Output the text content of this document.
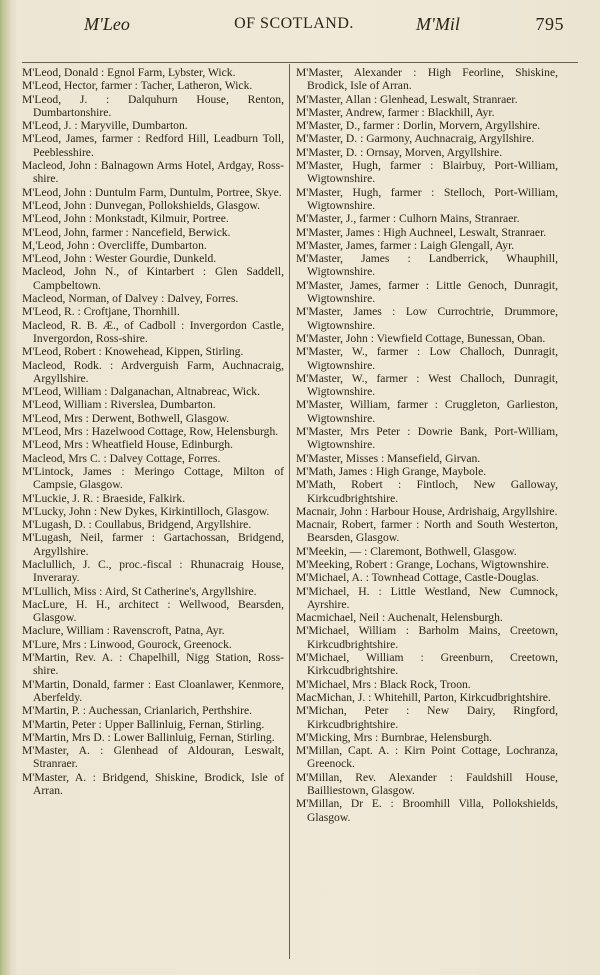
M'Leo	OF SCOTLAND.	M'Mil	795
M'Leod, Donald : Egnol Farm, Lybster, Wick.
M'Leod, Hector, farmer : Tacher, Latheron, Wick.
M'Leod, J. : Dalquhurn House, Renton, Dumbartonshire.
M'Leod, J. : Maryville, Dumbarton.
M'Leod, James, farmer : Redford Hill, Leadburn Toll, Peeblesshire.
Macleod, John : Balnagown Arms Hotel, Ardgay, Ross-shire.
M'Leod, John : Duntulm Farm, Duntulm, Portree, Skye.
M'Leod, John : Dunvegan, Pollokshields, Glasgow.
M'Leod, John : Monkstadt, Kilmuir, Portree.
M'Leod, John, farmer : Nancefield, Berwick.
M,'Leod, John : Overcliffe, Dumbarton.
M'Leod, John : Wester Gourdie, Dunkeld.
Macleod, John N., of Kintarbert : Glen Saddell, Campbeltown.
Macleod, Norman, of Dalvey : Dalvey, Forres.
M'Leod, R. : Croftjane, Thornhill.
Macleod, R. B. Æ., of Cadboll : Invergordon Castle, Invergordon, Ross-shire.
M'Leod, Robert : Knowehead, Kippen, Stirling.
Macleod, Rodk. : Ardverguish Farm, Auchnacraig, Argyllshire.
M'Leod, William : Dalganachan, Altnabreac, Wick.
M'Leod, William : Riverslea, Dumbarton.
M'Leod, Mrs : Derwent, Bothwell, Glasgow.
M'Leod, Mrs : Hazelwood Cottage, Row, Helensburgh.
M'Leod, Mrs : Wheatfield House, Edinburgh.
Macleod, Mrs C. : Dalvey Cottage, Forres.
M'Lintock, James : Meringo Cottage, Milton of Campsie, Glasgow.
M'Luckie, J. R. : Braeside, Falkirk.
M'Lucky, John : New Dykes, Kirkintilloch, Glasgow.
M'Lugash, D. : Coullabus, Bridgend, Argyllshire.
M'Lugash, Neil, farmer : Gartachossan, Bridgend, Argyllshire.
Maclullich, J. C., proc.-fiscal : Rhunacraig House, Inveraray.
M'Lullich, Miss : Aird, St Catherine's, Argyllshire.
MacLure, H. H., architect : Wellwood, Bearsden, Glasgow.
Maclure, William : Ravenscroft, Patna, Ayr.
M'Lure, Mrs : Linwood, Gourock, Greenock.
M'Martin, Rev. A. : Chapelhill, Nigg Station, Ross-shire.
M'Martin, Donald, farmer : East Cloanlawer, Kenmore, Aberfeldy.
M'Martin, P. : Auchessan, Crianlarich, Perthshire.
M'Martin, Peter : Upper Ballinluig, Fernan, Stirling.
M'Martin, Mrs D. : Lower Ballinluig, Fernan, Stirling.
M'Master, A. : Glenhead of Aldouran, Leswalt, Stranraer.
M'Master, A. : Bridgend, Shiskine, Brodick, Isle of Arran.
M'Master, Alexander : High Feorline, Shiskine, Brodick, Isle of Arran.
M'Master, Allan : Glenhead, Leswalt, Stranraer.
M'Master, Andrew, farmer : Blackhill, Ayr.
M'Master, D., farmer : Dorlin, Morvern, Argyllshire.
M'Master, D. : Garmony, Auchnacraig, Argyllshire.
M'Master, D. : Ornsay, Morven, Argyllshire.
M'Master, Hugh, farmer : Blairbuy, Port-William, Wigtownshire.
M'Master, Hugh, farmer : Stelloch, Port-William, Wigtownshire.
M'Master, J., farmer : Culhorn Mains, Stranraer.
M'Master, James : High Auchneel, Leswalt, Stranraer.
M'Master, James, farmer : Laigh Glengall, Ayr.
M'Master, James : Landberrick, Whauphill, Wigtownshire.
M'Master, James, farmer : Little Genoch, Dunragit, Wigtownshire.
M'Master, James : Low Currochtrie, Drummore, Wigtownshire.
M'Master, John : Viewfield Cottage, Bunessan, Oban.
M'Master, W., farmer : Low Challoch, Dunragit, Wigtownshire.
M'Master, W., farmer : West Challoch, Dunragit, Wigtownshire.
M'Master, William, farmer : Cruggleton, Garlieston, Wigtownshire.
M'Master, Mrs Peter : Dowrie Bank, Port-William, Wigtownshire.
M'Master, Misses : Mansefield, Girvan.
M'Math, James : High Grange, Maybole.
M'Math, Robert : Fintloch, New Galloway, Kirkcudbrightshire.
Macnair, John : Harbour House, Ardrishaig, Argyllshire.
Macnair, Robert, farmer : North and South Westerton, Bearsden, Glasgow.
M'Meekin, — : Claremont, Bothwell, Glasgow.
M'Meeking, Robert : Grange, Lochans, Wigtownshire.
M'Michael, A. : Townhead Cottage, Castle-Douglas.
M'Michael, H. : Little Westland, New Cumnock, Ayrshire.
Macmichael, Neil : Auchenalt, Helensburgh.
M'Michael, William : Barholm Mains, Creetown, Kirkcudbrightshire.
M'Michael, William : Greenburn, Creetown, Kirkcudbrightshire.
M'Michael, Mrs : Black Rock, Troon.
MacMichan, J. : Whitehill, Parton, Kirkcudbrightshire.
M'Michan, Peter : New Dairy, Ringford, Kirkcudbrightshire.
M'Micking, Mrs : Burnbrae, Helensburgh.
M'Millan, Capt. A. : Kirn Point Cottage, Lochranza, Greenock.
M'Millan, Rev. Alexander : Fauldshill House, Bailliestown, Glasgow.
M'Millan, Dr E. : Broomhill Villa, Pollokshields, Glasgow.
